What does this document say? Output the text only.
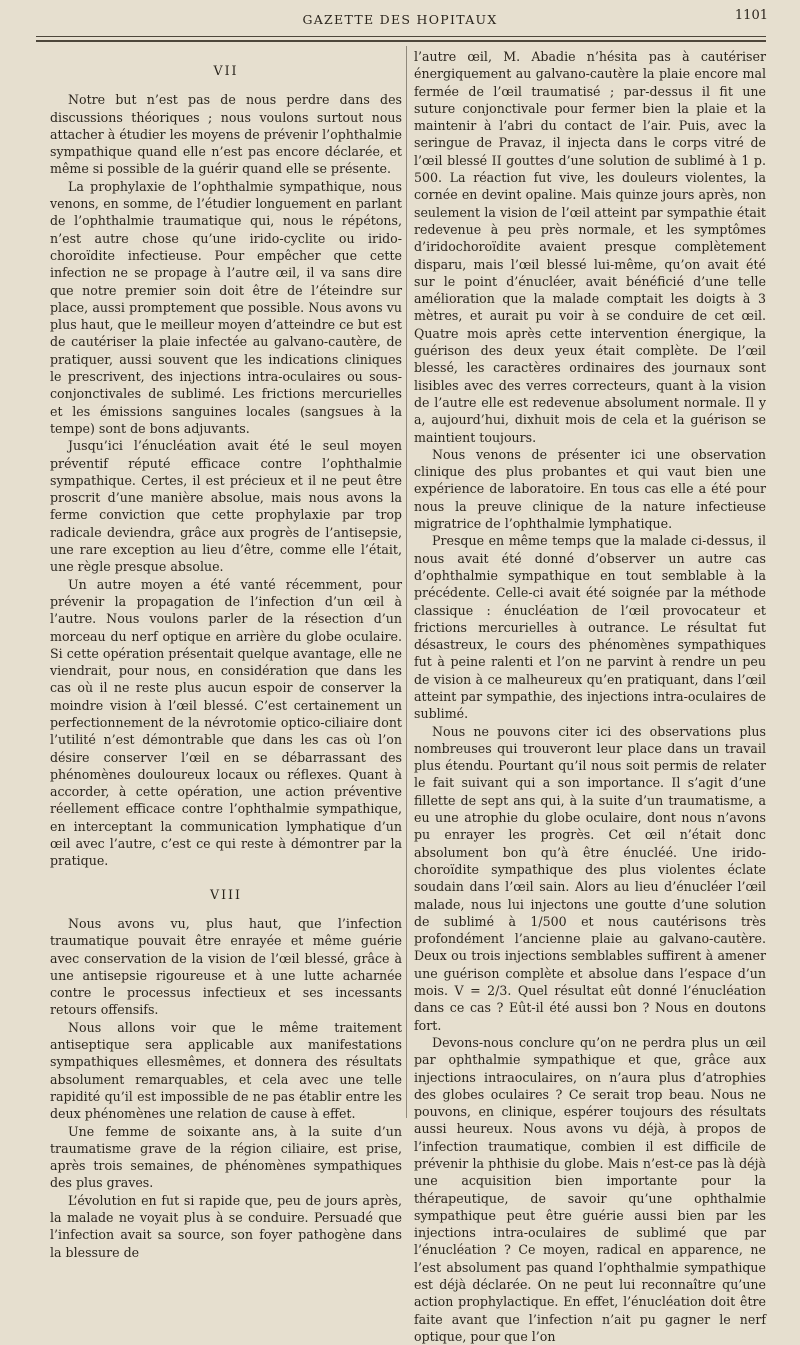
GAZETTE DES HOPITAUX	1101

VII

Notre but n’est pas de nous perdre dans des discussions théoriques ; nous voulons surtout nous attacher à étudier les moyens de prévenir l’ophthalmie sympathique quand elle n’est pas encore déclarée, et même si possible de la guérir quand elle se présente.

La prophylaxie de l’ophthalmie sympathique, nous venons, en somme, de l’étudier longuement en parlant de l’ophthalmie traumatique qui, nous le répétons, n’est autre chose qu’une irido-cyclite ou irido-choroïdite infectieuse. Pour empêcher que cette infection ne se propage à l’autre œil, il va sans dire que notre premier soin doit être de l’éteindre sur place, aussi promptement que possible. Nous avons vu plus haut, que le meilleur moyen d’atteindre ce but est de cautériser la plaie infectée au galvano-cautère, de pratiquer, aussi souvent que les indications cliniques le prescrivent, des injections intra-oculaires ou sous-conjonctivales de sublimé. Les frictions mercurielles et les émissions sanguines locales (sangsues à la tempe) sont de bons adjuvants.

Jusqu’ici l’énucléation avait été le seul moyen préventif réputé efficace contre l’ophthalmie sympathique. Certes, il est précieux et il ne peut être proscrit d’une manière absolue, mais nous avons la ferme conviction que cette prophylaxie par trop radicale deviendra, grâce aux progrès de l’antisepsie, une rare exception au lieu d’être, comme elle l’était, une règle presque absolue.

Un autre moyen a été vanté récemment, pour prévenir la propagation de l’infection d’un œil à l’autre. Nous voulons parler de la résection d’un morceau du nerf optique en arrière du globe oculaire. Si cette opération présentait quelque avantage, elle ne viendrait, pour nous, en considération que dans les cas où il ne reste plus aucun espoir de conserver la moindre vision à l’œil blessé. C’est certainement un perfectionnement de la névrotomie optico-ciliaire dont l’utilité n’est démontrable que dans les cas où l’on désire conserver l’œil en se débarrassant des phénomènes douloureux locaux ou réflexes. Quant à accorder, à cette opération, une action préventive réellement efficace contre l’ophthalmie sympathique, en interceptant la communication lymphatique d’un œil avec l’autre, c’est ce qui reste à démontrer par la pratique.

VIII

Nous avons vu, plus haut, que l’infection traumatique pouvait être enrayée et même guérie avec conservation de la vision de l’œil blessé, grâce à une antisepsie rigoureuse et à une lutte acharnée contre le processus infectieux et ses incessants retours offensifs.

Nous allons voir que le même traitement antiseptique sera applicable aux manifestations sympathiques ellesmêmes, et donnera des résultats absolument remarquables, et cela avec une telle rapidité qu’il est impossible de ne pas établir entre les deux phénomènes une relation de cause à effet.

Une femme de soixante ans, à la suite d’un traumatisme grave de la région ciliaire, est prise, après trois semaines, de phénomènes sympathiques des plus graves.

L’évolution en fut si rapide que, peu de jours après, la malade ne voyait plus à se conduire. Persuadé que l’infection avait sa source, son foyer pathogène dans la blessure de

l’autre œil, M. Abadie n’hésita pas à cautériser énergiquement au galvano-cautère la plaie encore mal fermée de l’œil traumatisé ; par-dessus il fit une suture conjonctivale pour fermer bien la plaie et la maintenir à l’abri du contact de l’air. Puis, avec la seringue de Pravaz, il injecta dans le corps vitré de l’œil blessé II gouttes d’une solution de sublimé à 1 p. 500. La réaction fut vive, les douleurs violentes, la cornée en devint opaline. Mais quinze jours après, non seulement la vision de l’œil atteint par sympathie était redevenue à peu près normale, et les symptômes d’iridochoroïdite avaient presque complètement disparu, mais l’œil blessé lui-même, qu’on avait été sur le point d’énucléer, avait bénéficié d’une telle amélioration que la malade comptait les doigts à 3 mètres, et aurait pu voir à se conduire de cet œil. Quatre mois après cette intervention énergique, la guérison des deux yeux était complète. De l’œil blessé, les caractères ordinaires des journaux sont lisibles avec des verres correcteurs, quant à la vision de l’autre elle est redevenue absolument normale. Il y a, aujourd’hui, dixhuit mois de cela et la guérison se maintient toujours.

Nous venons de présenter ici une observation clinique des plus probantes et qui vaut bien une expérience de laboratoire. En tous cas elle a été pour nous la preuve clinique de la nature infectieuse migratrice de l’ophthalmie lymphatique.

Presque en même temps que la malade ci-dessus, il nous avait été donné d’observer un autre cas d’ophthalmie sympathique en tout semblable à la précédente. Celle-ci avait été soignée par la méthode classique : énucléation de l’œil provocateur et frictions mercurielles à outrance. Le résultat fut désastreux, le cours des phénomènes sympathiques fut à peine ralenti et l’on ne parvint à rendre un peu de vision à ce malheureux qu’en pratiquant, dans l’œil atteint par sympathie, des injections intra-oculaires de sublimé.

Nous ne pouvons citer ici des observations plus nombreuses qui trouveront leur place dans un travail plus étendu. Pourtant qu’il nous soit permis de relater le fait suivant qui a son importance. Il s’agit d’une fillette de sept ans qui, à la suite d’un traumatisme, a eu une atrophie du globe oculaire, dont nous n’avons pu enrayer les progrès. Cet œil n’était donc absolument bon qu’à être énucléé. Une irido-choroïdite sympathique des plus violentes éclate soudain dans l’œil sain. Alors au lieu d’énucléer l’œil malade, nous lui injectons une goutte d’une solution de sublimé à 1/500 et nous cautérisons très profondément l’ancienne plaie au galvano-cautère. Deux ou trois injections semblables suffirent à amener une guérison complète et absolue dans l’espace d’un mois. V = 2/3. Quel résultat eût donné l’énucléation dans ce cas ? Eût-il été aussi bon ? Nous en doutons fort.

Devons-nous conclure qu’on ne perdra plus un œil par ophthalmie sympathique et que, grâce aux injections intraoculaires, on n’aura plus d’atrophies des globes oculaires ? Ce serait trop beau. Nous ne pouvons, en clinique, espérer toujours des résultats aussi heureux. Nous avons vu déjà, à propos de l’infection traumatique, combien il est difficile de prévenir la phthisie du globe. Mais n’est-ce pas là déjà une acquisition bien importante pour la thérapeutique, de savoir qu’une ophthalmie sympathique peut être guérie aussi bien par les injections intra-oculaires de sublimé que par l’énucléation ? Ce moyen, radical en apparence, ne l’est absolument pas quand l’ophthalmie sympathique est déjà déclarée. On ne peut lui reconnaître qu’une action prophylactique. En effet, l’énucléation doit être faite avant que l’infection n’ait pu gagner le nerf optique, pour que l’on
